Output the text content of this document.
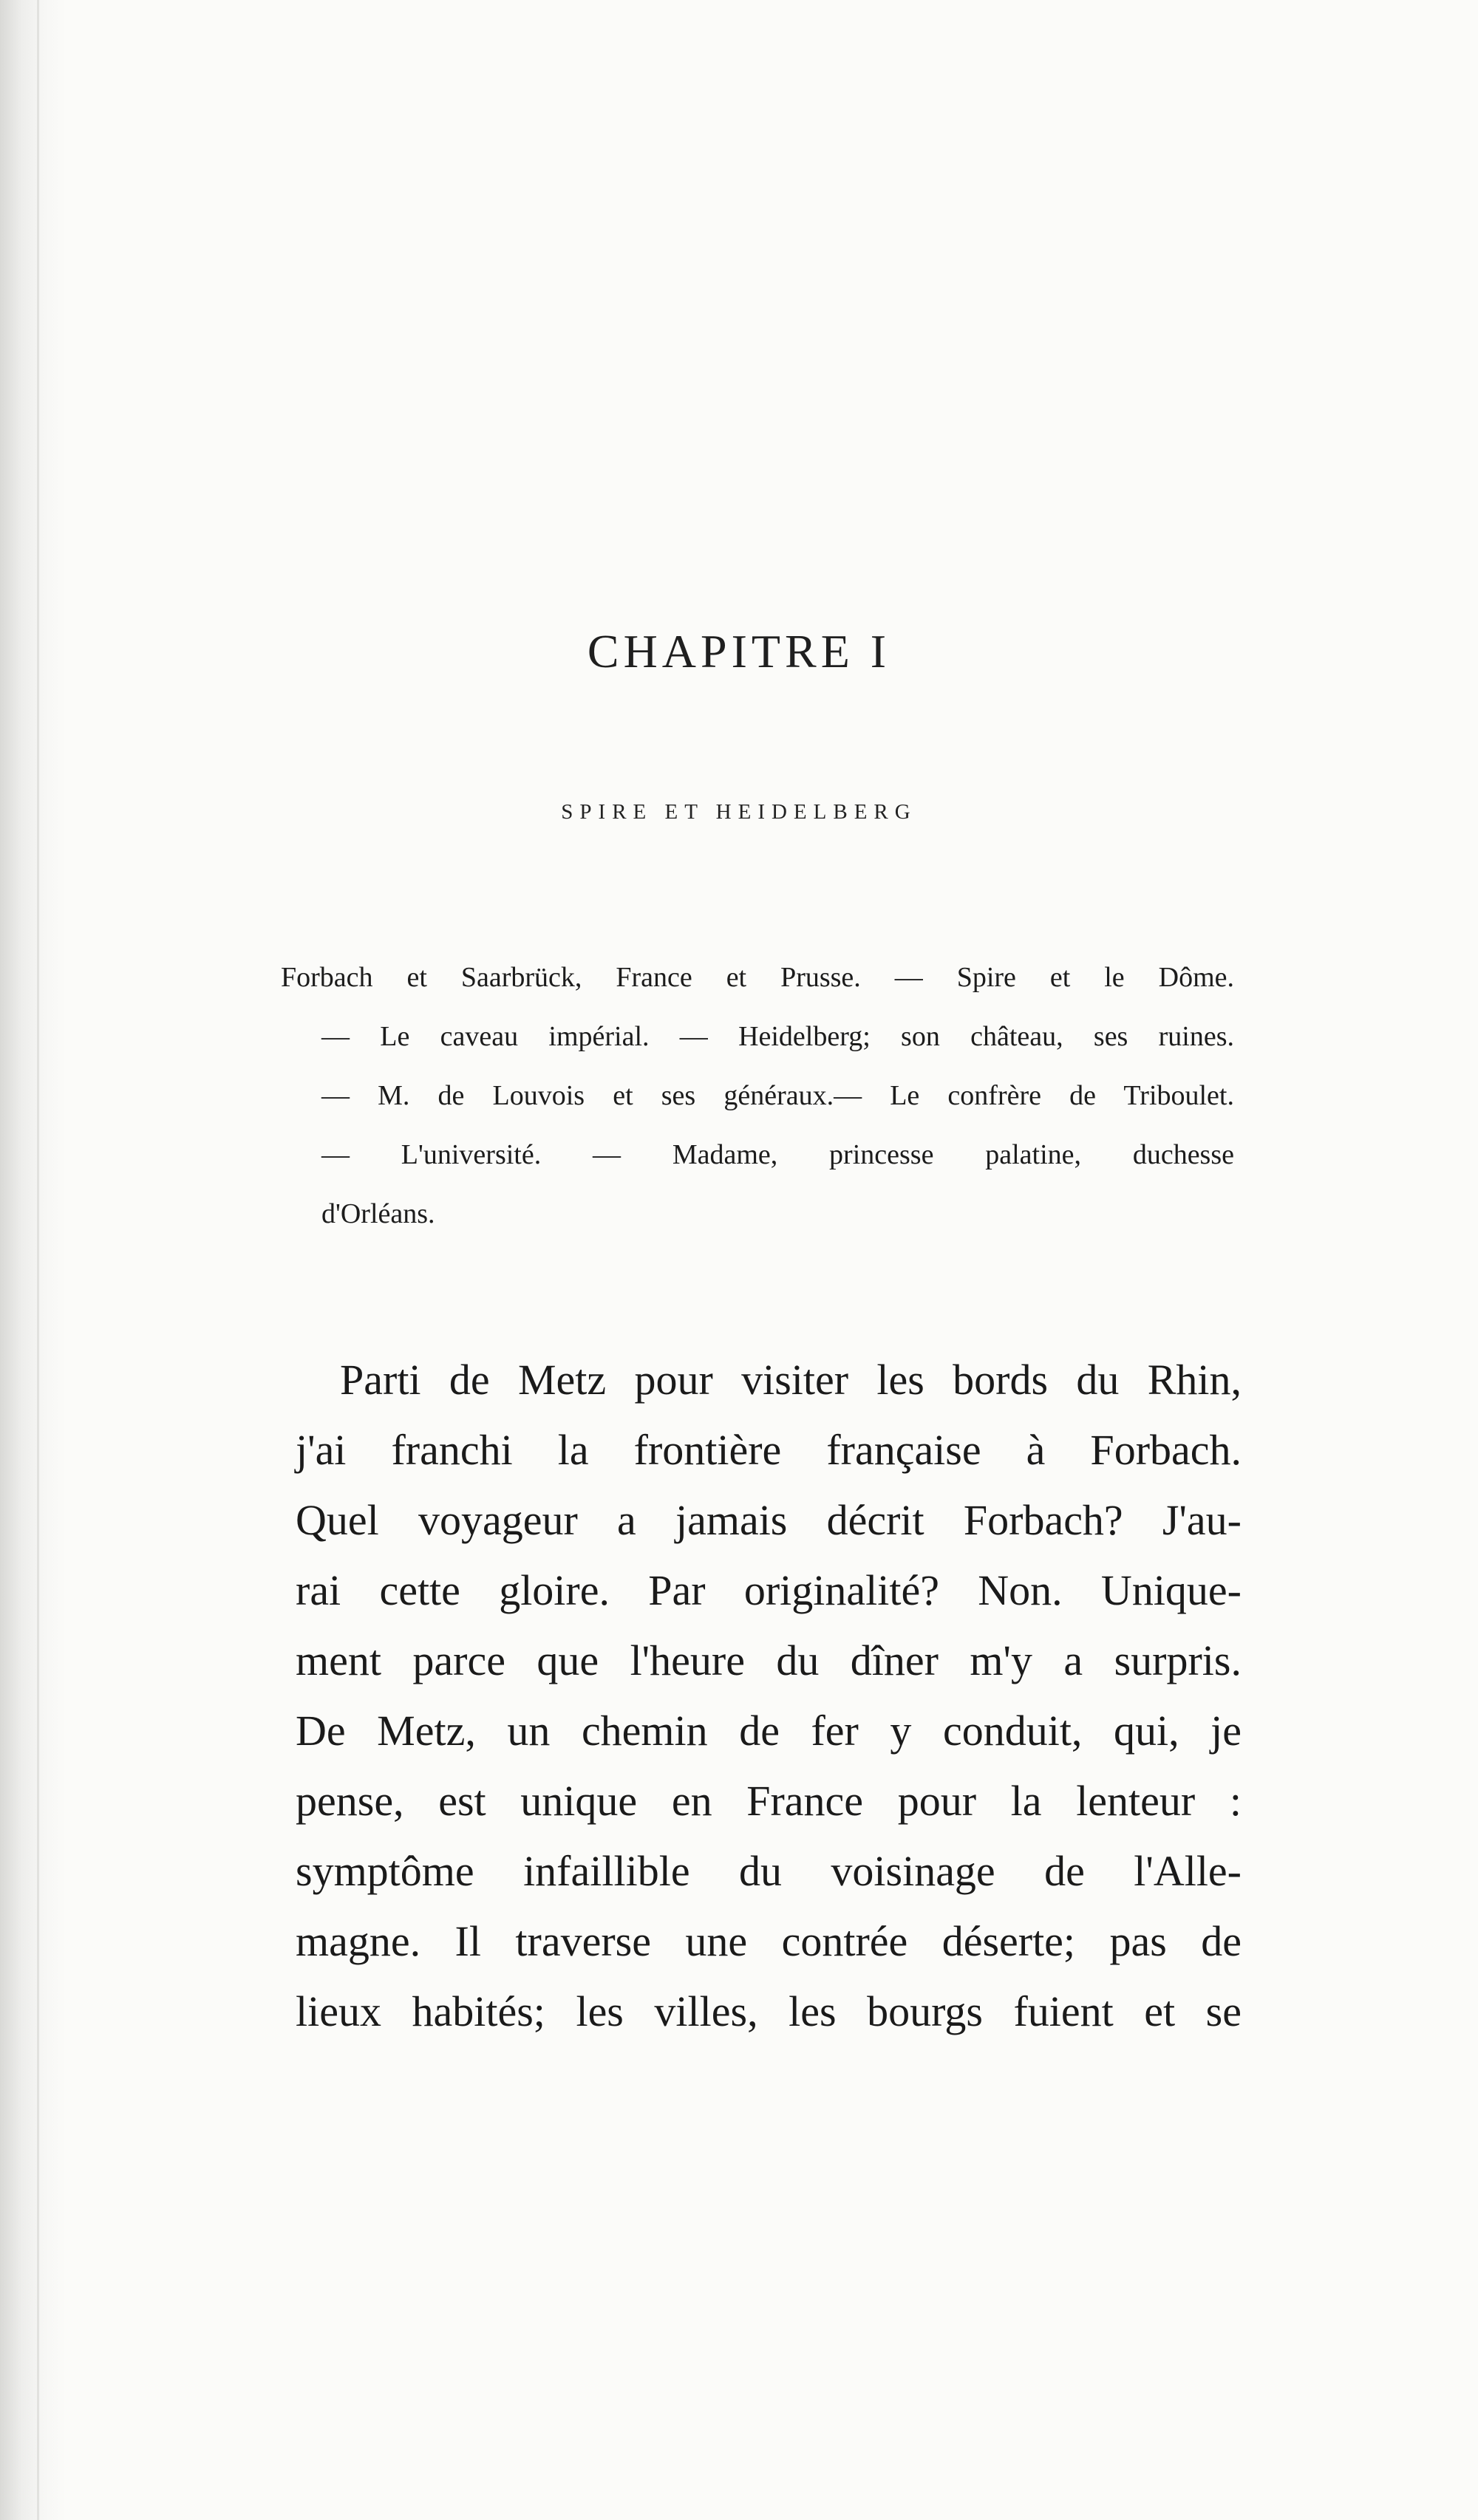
CHAPITRE I
SPIRE ET HEIDELBERG
Forbach et Saarbrück, France et Prusse. — Spire et le Dôme.
— Le caveau impérial. — Heidelberg; son château, ses ruines.
— M. de Louvois et ses généraux.— Le confrère de Triboulet.
— L'université. — Madame, princesse palatine, duchesse
d'Orléans.
Parti de Metz pour visiter les bords du Rhin,
j'ai franchi la frontière française à Forbach.
Quel voyageur a jamais décrit Forbach? J'au-
rai cette gloire. Par originalité? Non. Unique-
ment parce que l'heure du dîner m'y a surpris.
De Metz, un chemin de fer y conduit, qui, je
pense, est unique en France pour la lenteur :
symptôme infaillible du voisinage de l'Alle-
magne. Il traverse une contrée déserte; pas de
lieux habités; les villes, les bourgs fuient et se
